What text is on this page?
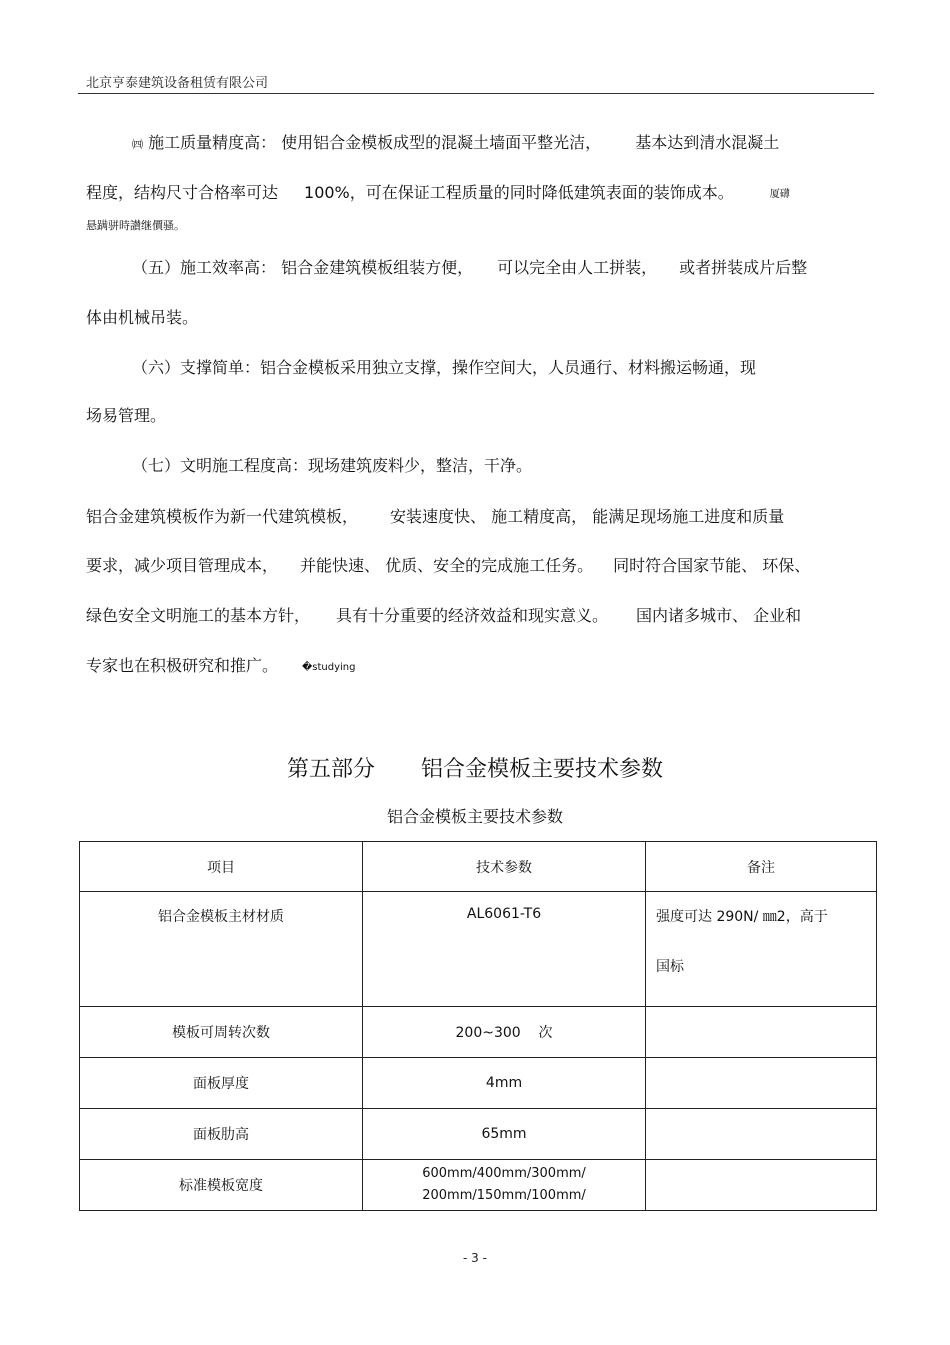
北京亨泰建筑设备租赁有限公司
㈣ 施工质量精度高： 使用铝合金模板成型的混凝土墙面平整光洁， 基本达到清水混凝土
程度，结构尺寸合格率可达 100%，可在保证工程质量的同时降低建筑表面的装饰成本。	厦礴
悬蹒骈時讃继價骚。
（五）施工效率高： 铝合金建筑模板组装方便， 可以完全由人工拼装， 或者拼装成片后整
体由机械吊装。
（六）支撑简单：铝合金模板采用独立支撑，操作空间大，人员通行、材料搬运畅通，现
场易管理。
（七）文明施工程度高：现场建筑废料少，整洁，干净。
铝合金建筑模板作为新一代建筑模板， 安装速度快、 施工精度高， 能满足现场施工进度和质量
要求，减少项目管理成本， 并能快速、 优质、安全的完成施工任务。 同时符合国家节能、 环保、
绿色安全文明施工的基本方针， 具有十分重要的经济效益和现实意义。 国内诸多城市、 企业和
专家也在积极研究和推广。 �studying
第五部分 铝合金模板主要技术参数
铝合金模板主要技术参数
项目	技术参数	备注
铝合金模板主材材质	AL6061-T6	强度可达 290N/ ㎜2，高于
国标

模板可周转次数	200~300    次	
面板厚度	4mm	
面板肋高	65mm	
标准模板宽度	600mm/400mm/300mm/
200mm/150mm/100mm/	

- 3 -
